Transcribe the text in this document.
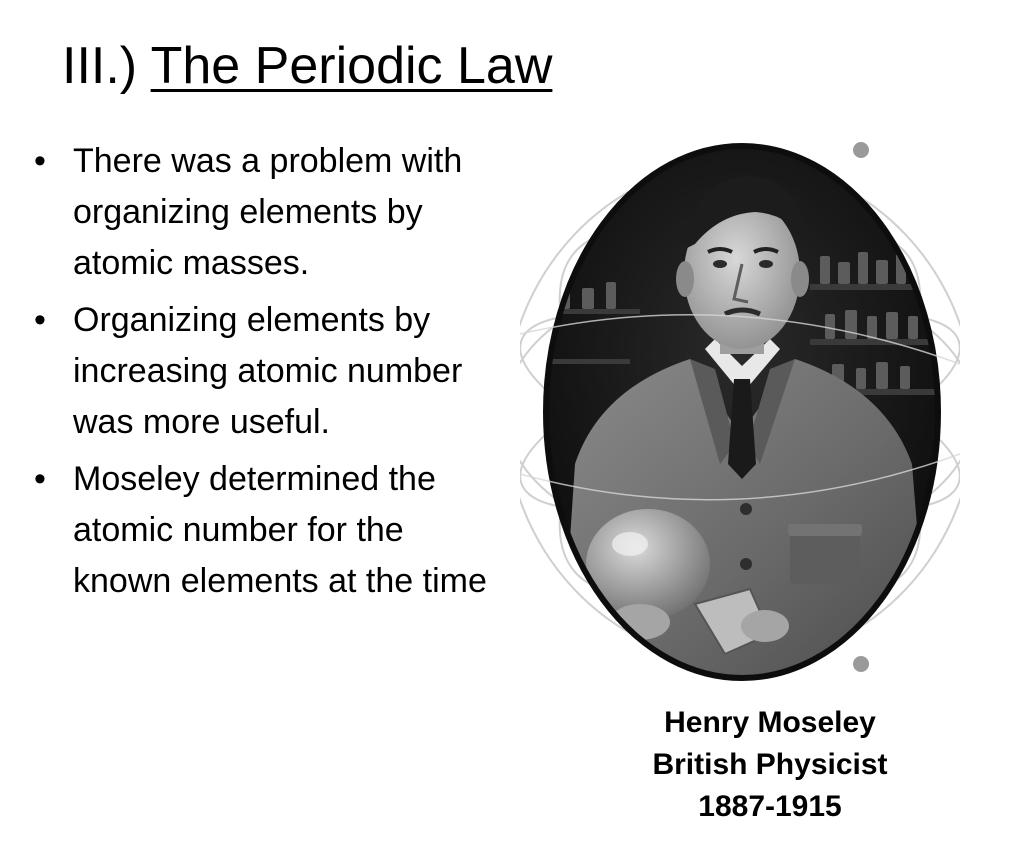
III.) The Periodic Law
• There was a problem with organizing elements by atomic masses.
• Organizing elements by increasing atomic number was more useful.
• Moseley determined the atomic number for the known elements at the time
Henry Moseley
British Physicist
1887-1915
